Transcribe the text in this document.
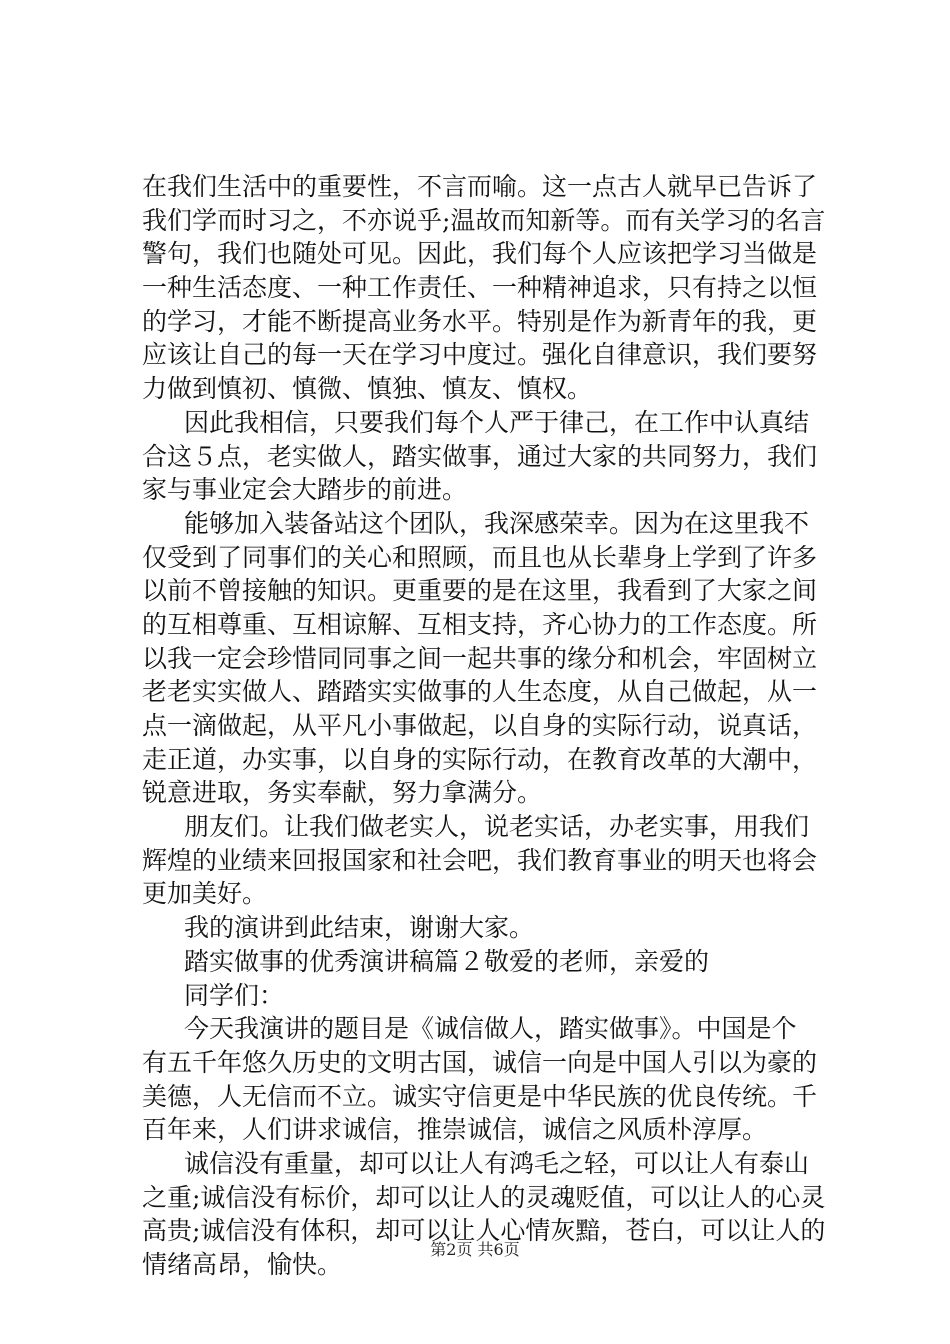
在我们生活中的重要性，不言而喻。这一点古人就早已告诉了
我们学而时习之，不亦说乎;温故而知新等。而有关学习的名言
警句，我们也随处可见。因此，我们每个人应该把学习当做是
一种生活态度、一种工作责任、一种精神追求，只有持之以恒
的学习，才能不断提高业务水平。特别是作为新青年的我，更
应该让自己的每一天在学习中度过。强化自律意识，我们要努
力做到慎初、慎微、慎独、慎友、慎权。
因此我相信，只要我们每个人严于律己，在工作中认真结
合这５点，老实做人，踏实做事，通过大家的共同努力，我们
家与事业定会大踏步的前进。
能够加入装备站这个团队，我深感荣幸。因为在这里我不
仅受到了同事们的关心和照顾，而且也从长辈身上学到了许多
以前不曾接触的知识。更重要的是在这里，我看到了大家之间
的互相尊重、互相谅解、互相支持，齐心协力的工作态度。所
以我一定会珍惜同同事之间一起共事的缘分和机会，牢固树立
老老实实做人、踏踏实实做事的人生态度，从自己做起，从一
点一滴做起，从平凡小事做起，以自身的实际行动，说真话，
走正道，办实事，以自身的实际行动，在教育改革的大潮中，
锐意进取，务实奉献，努力拿满分。
朋友们。让我们做老实人，说老实话，办老实事，用我们
辉煌的业绩来回报国家和社会吧，我们教育事业的明天也将会
更加美好。
我的演讲到此结束，谢谢大家。
踏实做事的优秀演讲稿篇２敬爱的老师，亲爱的
同学们：
今天我演讲的题目是《诚信做人，踏实做事》。中国是个
有五千年悠久历史的文明古国，诚信一向是中国人引以为豪的
美德，人无信而不立。诚实守信更是中华民族的优良传统。千
百年来，人们讲求诚信，推崇诚信，诚信之风质朴淳厚。
诚信没有重量，却可以让人有鸿毛之轻，可以让人有泰山
之重;诚信没有标价，却可以让人的灵魂贬值，可以让人的心灵
高贵;诚信没有体积，却可以让人心情灰黯，苍白，可以让人的
情绪高昂，愉快。
第2页 共6页
